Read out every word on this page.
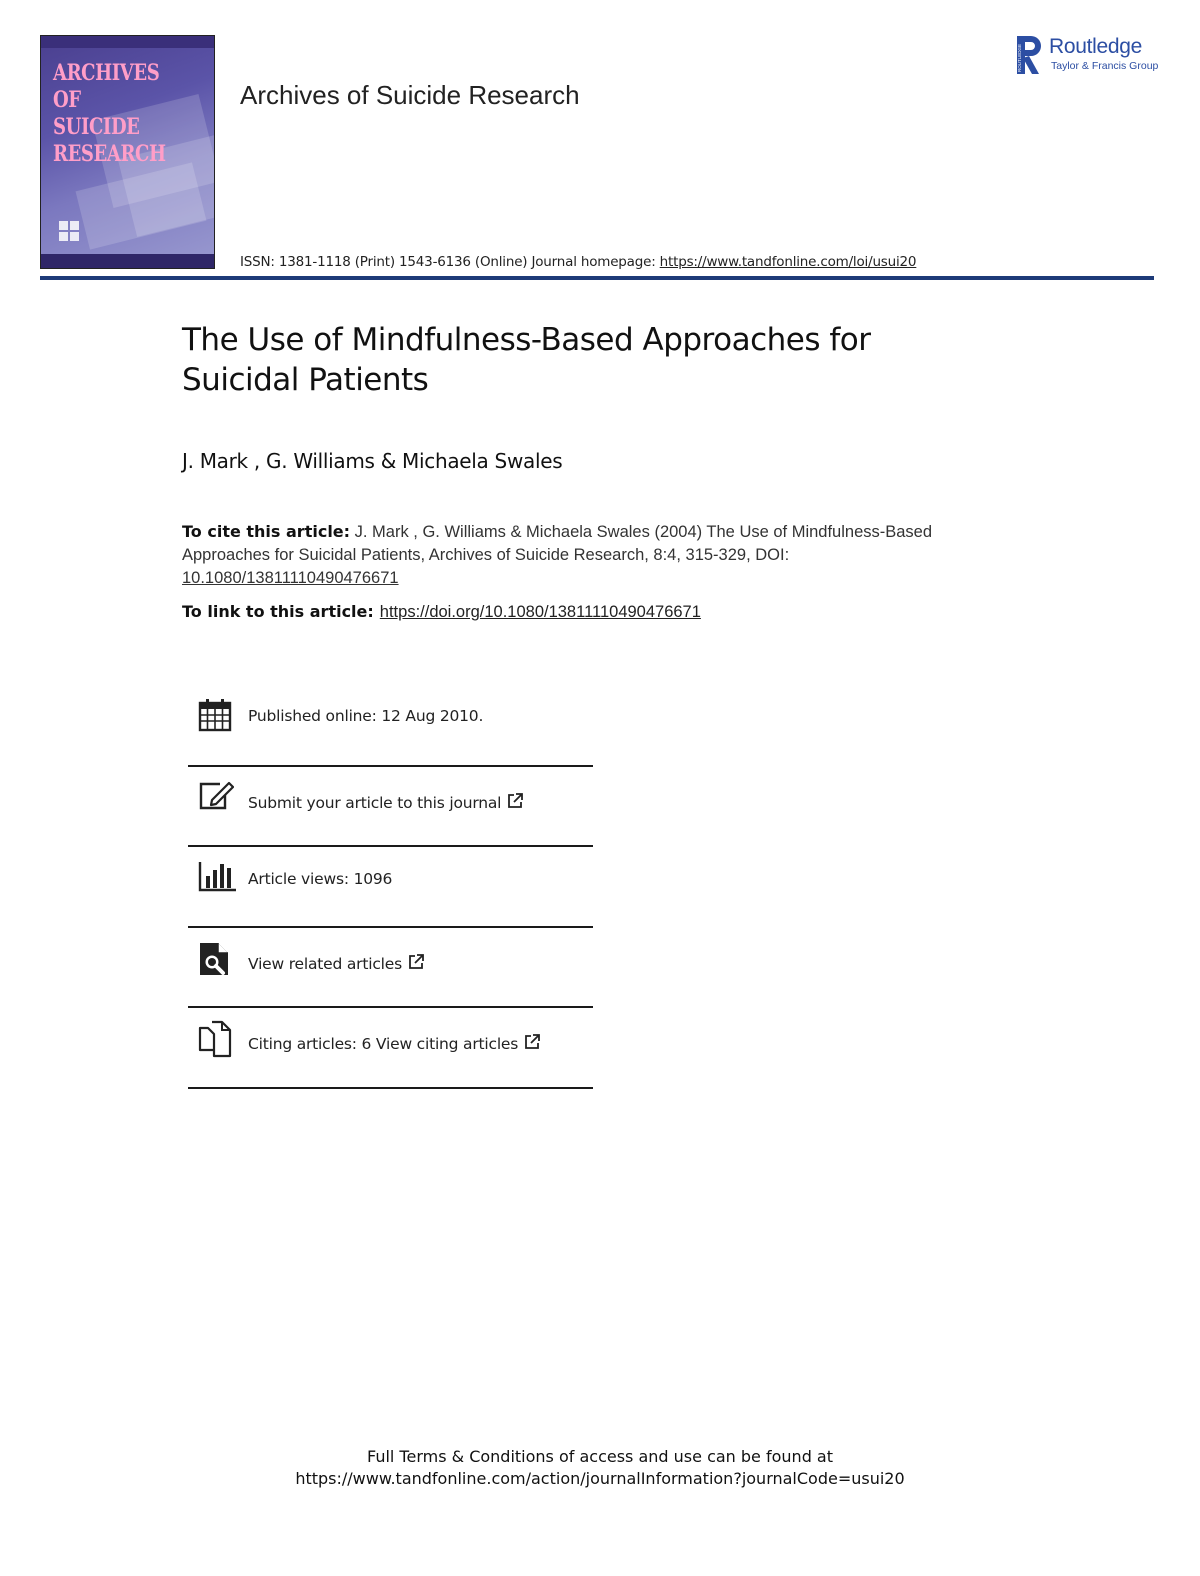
ARCHIVES OF
SUICIDE
RESEARCH
Archives of Suicide Research
ISSN: 1381-1118 (Print) 1543-6136 (Online) Journal homepage: https://www.tandfonline.com/loi/usui20
ROUTLEDGE Routledge
Taylor & Francis Group
The Use of Mindfulness-Based Approaches for Suicidal Patients
J. Mark , G. Williams & Michaela Swales
To cite this article: J. Mark , G. Williams & Michaela Swales (2004) The Use of Mindfulness-Based Approaches for Suicidal Patients, Archives of Suicide Research, 8:4, 315-329, DOI: 10.1080/13811110490476671
To link to this article: https://doi.org/10.1080/13811110490476671
Published online: 12 Aug 2010.
Submit your article to this journal
Article views: 1096
View related articles
Citing articles: 6 View citing articles
Full Terms & Conditions of access and use can be found at
https://www.tandfonline.com/action/journalInformation?journalCode=usui20
